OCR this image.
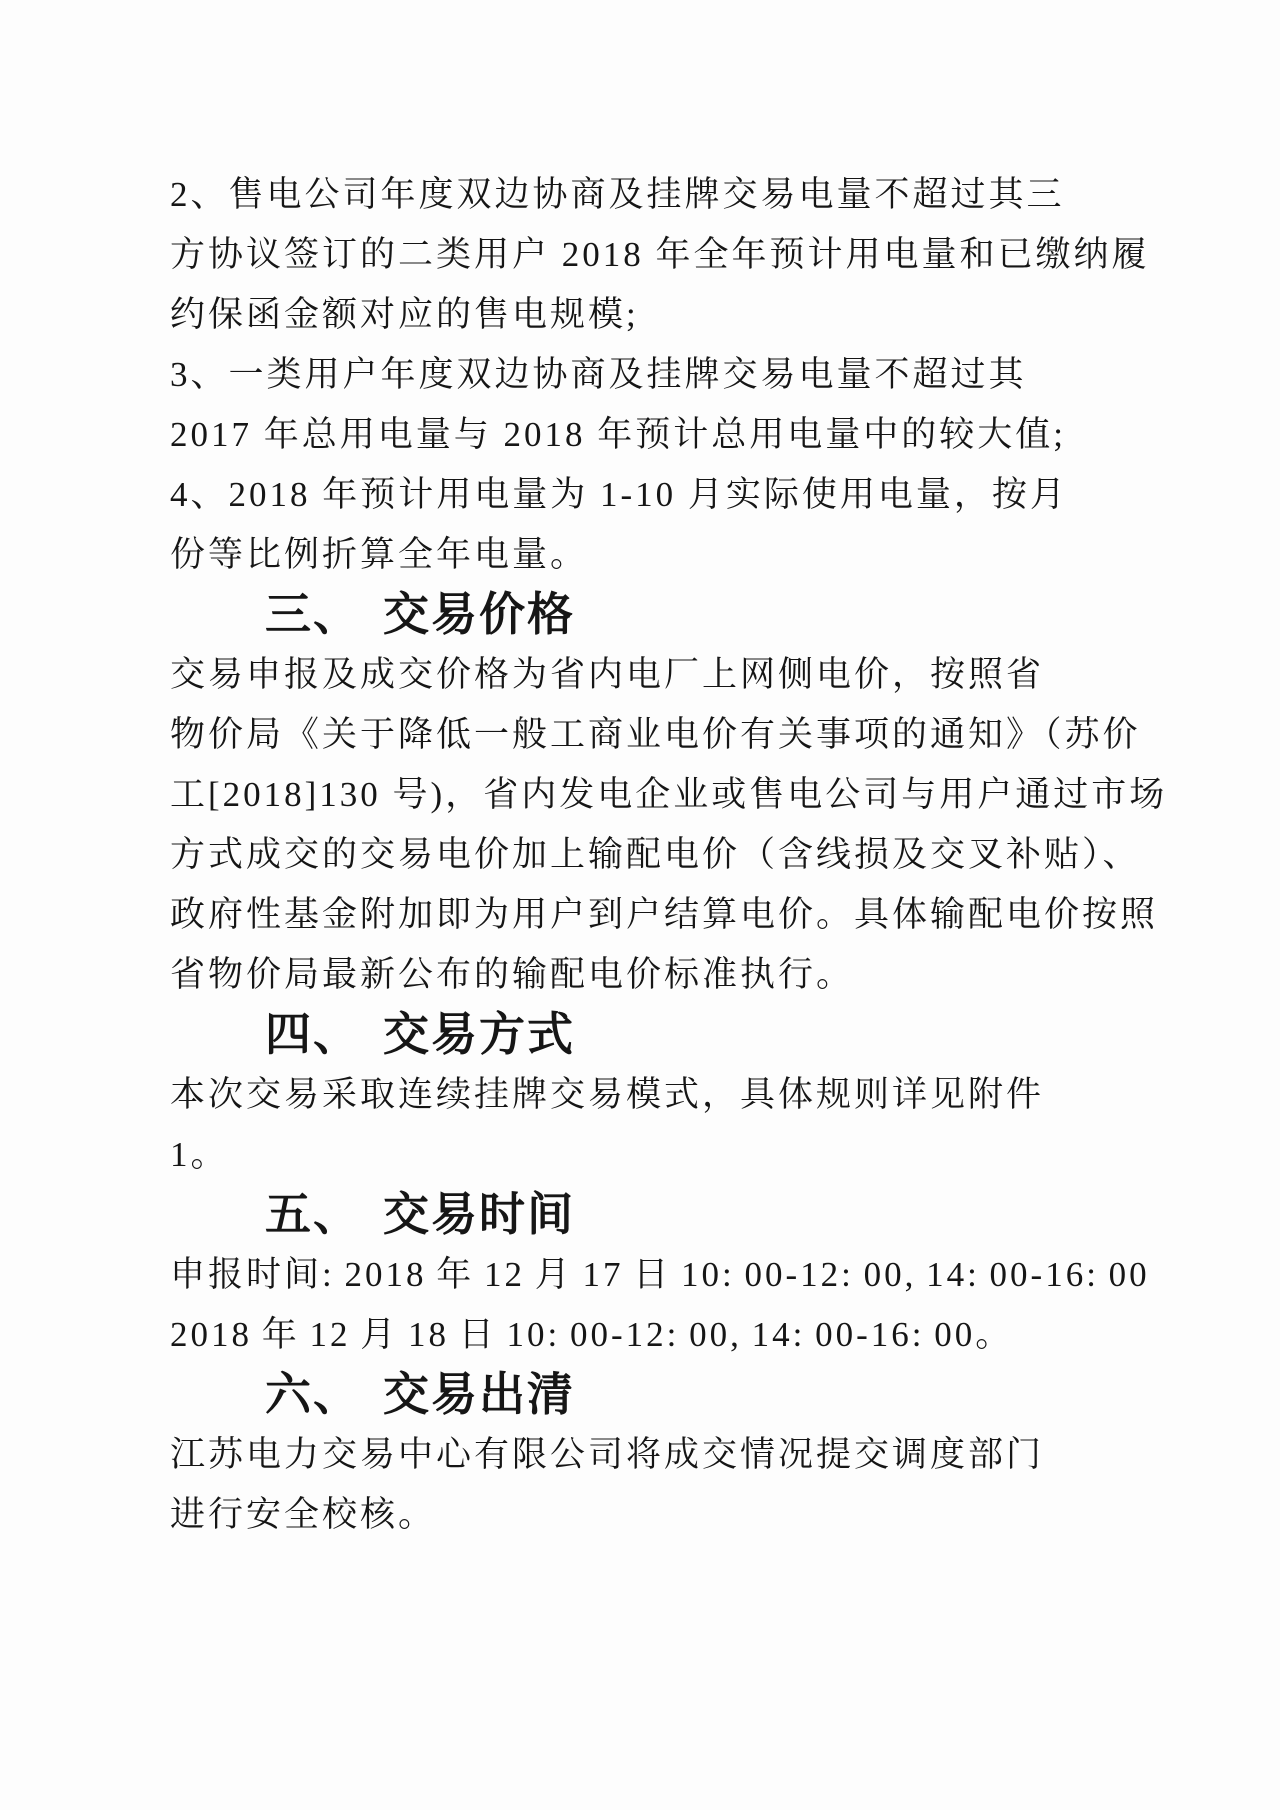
2、售电公司年度双边协商及挂牌交易电量不超过其三

方协议签订的二类用户 2018 年全年预计用电量和已缴纳履

约保函金额对应的售电规模;

3、一类用户年度双边协商及挂牌交易电量不超过其

2017 年总用电量与 2018 年预计总用电量中的较大值;

4、2018 年预计用电量为 1-10 月实际使用电量，按月

份等比例折算全年电量。

三、 交易价格

交易申报及成交价格为省内电厂上网侧电价，按照省

物价局《关于降低一般工商业电价有关事项的通知》（苏价

工[2018]130 号)，省内发电企业或售电公司与用户通过市场

方式成交的交易电价加上输配电价（含线损及交叉补贴）、

政府性基金附加即为用户到户结算电价。具体输配电价按照

省物价局最新公布的输配电价标准执行。

四、 交易方式

本次交易采取连续挂牌交易模式，具体规则详见附件

1。

五、 交易时间

申报时间: 2018 年 12 月 17 日 10: 00-12: 00, 14: 00-16: 00

2018 年 12 月 18 日 10: 00-12: 00, 14: 00-16: 00。

六、 交易出清

江苏电力交易中心有限公司将成交情况提交调度部门

进行安全校核。
